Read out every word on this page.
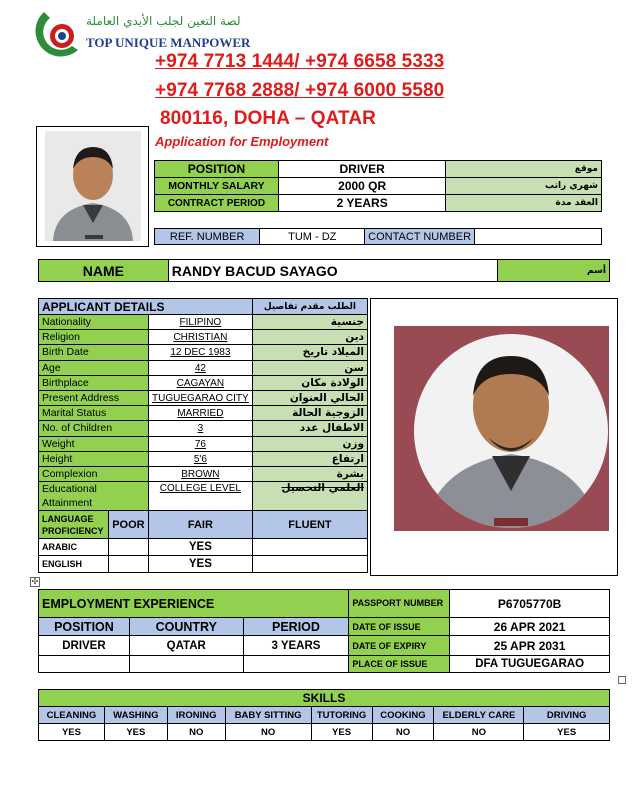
لصة التعين لجلب الأيدي العاملة
TOP UNIQUE MANPOWER
+974 7713 1444/ +974 6658 5333
+974 7768 2888/ +974 6000 5580
800116, DOHA – QATAR
Application for Employment
POSITION	DRIVER	موقع
MONTHLY SALARY	2000 QR	شهري راتب
CONTRACT PERIOD	2 YEARS	العقد مدة
REF. NUMBER	TUM - DZ	CONTACT NUMBER	
NAME	RANDY BACUD SAYAGO	أسم
APPLICANT DETAILS			الطلب مقدم تفاصيل
Nationality		FILIPINO	جنسية
Religion		CHRISTIAN	دين
Birth Date		12 DEC 1983	الميلاد تاريخ
Age		42	سن
Birthplace		CAGAYAN	الولادة مكان
Present Address		TUGUEGARAO CITY	الحالي العنوان
Marital Status		MARRIED	الزوجية الحالة
No. of Children		3	الاطفال عدد
Weight		76	وزن
Height		5'6	ارتفاع
Complexion		BROWN	بشرة
Educational Attainment		COLLEGE LEVEL	العلمي التحصيل
LANGUAGE PROFICIENCY	POOR	FAIR	FLUENT
ARABIC		YES	
ENGLISH		YES	
✣
EMPLOYMENT EXPERIENCE			PASSPORT NUMBER	P6705770B
POSITION	COUNTRY	PERIOD	DATE OF ISSUE	26 APR 2021
DRIVER	QATAR	3 YEARS	DATE OF EXPIRY	25 APR 2031
			PLACE OF ISSUE	DFA TUGUEGARAO
SKILLS							
CLEANING	WASHING	IRONING	BABY SITTING	TUTORING	COOKING	ELDERLY CARE	DRIVING
YES	YES	NO	NO	YES	NO	NO	YES
